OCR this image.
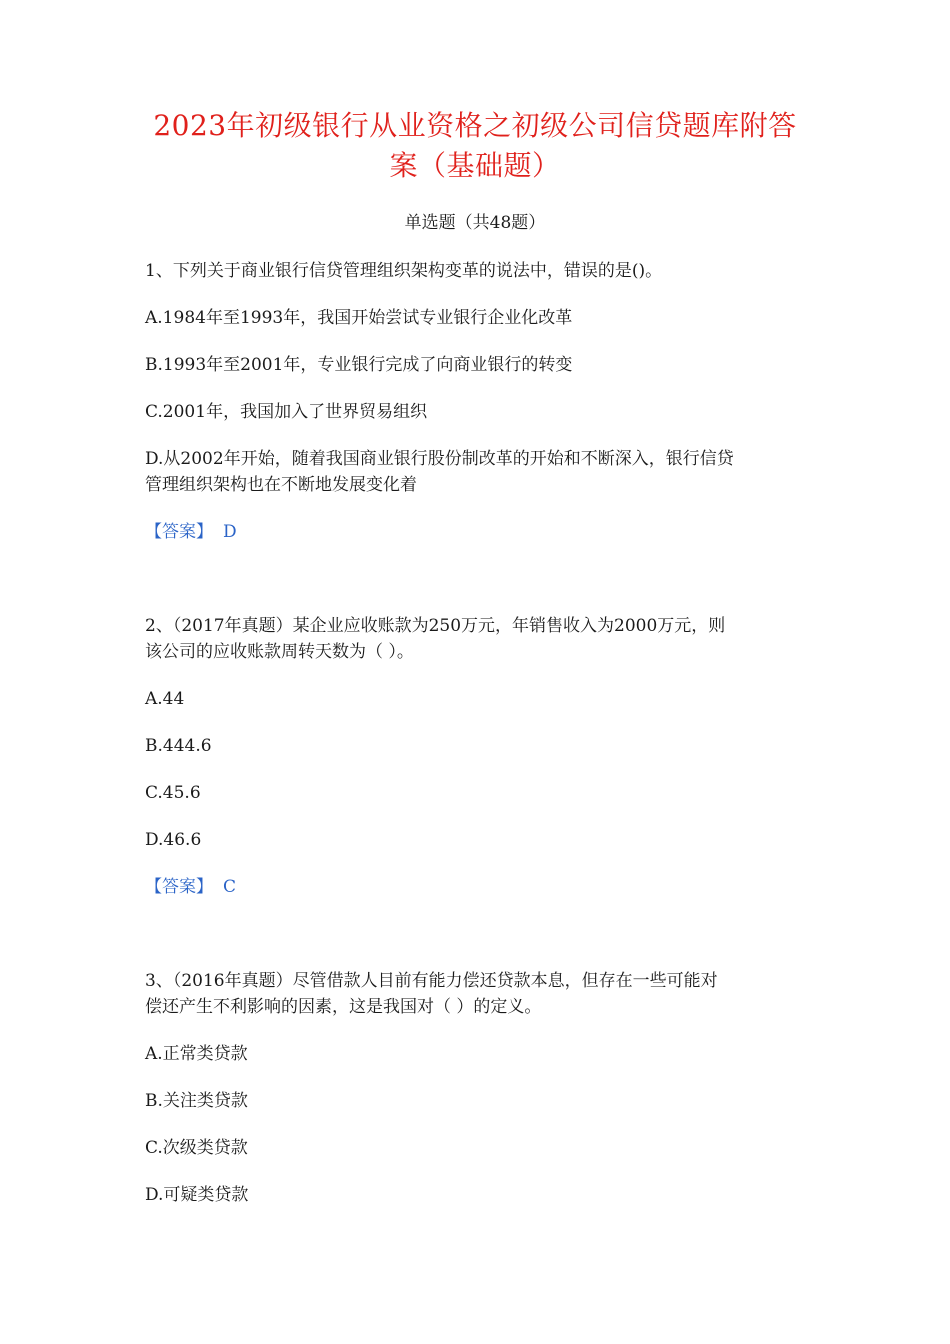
2023年初级银行从业资格之初级公司信贷题库附答
案（基础题）
单选题（共48题）
1、下列关于商业银行信贷管理组织架构变革的说法中，错误的是()。
A.1984年至1993年，我国开始尝试专业银行企业化改革
B.1993年至2001年，专业银行完成了向商业银行的转变
C.2001年，我国加入了世界贸易组织
D.从2002年开始，随着我国商业银行股份制改革的开始和不断深入，银行信贷
管理组织架构也在不断地发展变化着
【答案】 D
2、（2017年真题）某企业应收账款为250万元，年销售收入为2000万元，则
该公司的应收账款周转天数为（ ）。
A.44
B.444.6
C.45.6
D.46.6
【答案】 C
3、（2016年真题）尽管借款人目前有能力偿还贷款本息，但存在一些可能对
偿还产生不利影响的因素，这是我国对（ ）的定义。
A.正常类贷款
B.关注类贷款
C.次级类贷款
D.可疑类贷款
